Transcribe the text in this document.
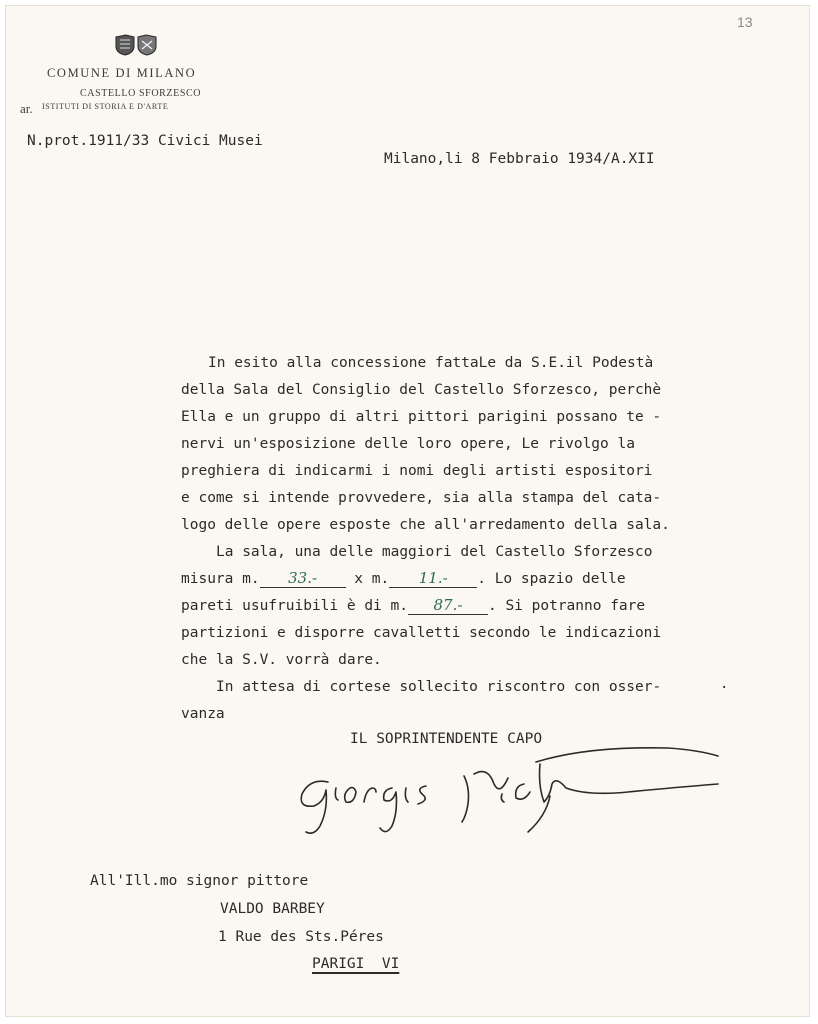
13
COMUNE DI MILANO
CASTELLO SFORZESCO
ar. ISTITUTI DI STORIA E D'ARTE
N.prot.1911/33 Civici Musei
Milano,li 8 Febbraio 1934/A.XII
In esito alla concessione fattaLe da S.E.il Podestà
della Sala del Consiglio del Castello Sforzesco, perchè
Ella e un gruppo di altri pittori parigini possano te -
nervi un'esposizione delle loro opere, Le rivolgo la
preghiera di indicarmi i nomi degli artisti espositori
e come si intende provvedere, sia alla stampa del cata-
logo delle opere esposte che all'arredamento della sala.
La sala, una delle maggiori del Castello Sforzesco
misura m. 33.- x m. 11.- . Lo spazio delle
pareti usufruibili è di m. 87.- . Si potranno fare
partizioni e disporre cavalletti secondo le indicazioni
che la S.V. vorrà dare.
In attesa di cortese sollecito riscontro con osser-
vanza
·
IL SOPRINTENDENTE CAPO
All'Ill.mo signor pittore
VALDO BARBEY
1 Rue des Sts.Péres
PARIGI  VI
